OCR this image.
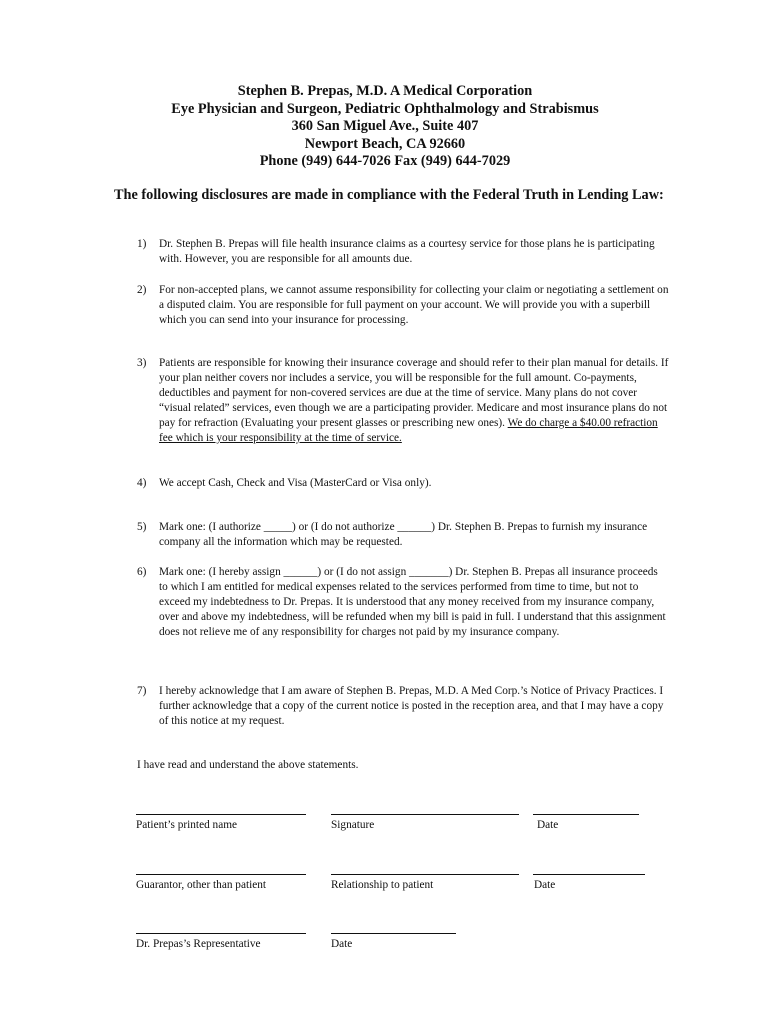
Stephen B. Prepas, M.D. A Medical Corporation
Eye Physician and Surgeon, Pediatric Ophthalmology and Strabismus
360 San Miguel Ave., Suite 407
Newport Beach, CA 92660
Phone (949) 644-7026 Fax (949) 644-7029
The following disclosures are made in compliance with the Federal Truth in Lending Law:
1) Dr. Stephen B. Prepas will file health insurance claims as a courtesy service for those plans he is participating with. However, you are responsible for all amounts due.
2) For non-accepted plans, we cannot assume responsibility for collecting your claim or negotiating a settlement on a disputed claim. You are responsible for full payment on your account. We will provide you with a superbill which you can send into your insurance for processing.
3) Patients are responsible for knowing their insurance coverage and should refer to their plan manual for details. If your plan neither covers nor includes a service, you will be responsible for the full amount. Co-payments, deductibles and payment for non-covered services are due at the time of service. Many plans do not cover “visual related” services, even though we are a participating provider. Medicare and most insurance plans do not pay for refraction (Evaluating your present glasses or prescribing new ones). We do charge a $40.00 refraction fee which is your responsibility at the time of service.
4) We accept Cash, Check and Visa (MasterCard or Visa only).
5) Mark one: (I authorize _____) or (I do not authorize ______) Dr. Stephen B. Prepas to furnish my insurance company all the information which may be requested.
6) Mark one: (I hereby assign ______) or (I do not assign _______) Dr. Stephen B. Prepas all insurance proceeds to which I am entitled for medical expenses related to the services performed from time to time, but not to exceed my indebtedness to Dr. Prepas. It is understood that any money received from my insurance company, over and above my indebtedness, will be refunded when my bill is paid in full. I understand that this assignment does not relieve me of any responsibility for charges not paid by my insurance company.
7) I hereby acknowledge that I am aware of Stephen B. Prepas, M.D. A Med Corp.’s Notice of Privacy Practices. I further acknowledge that a copy of the current notice is posted in the reception area, and that I may have a copy of this notice at my request.
I have read and understand the above statements.
Patient’s printed name	Signature	Date
Guarantor, other than patient	Relationship to patient	Date
Dr. Prepas’s Representative	Date
